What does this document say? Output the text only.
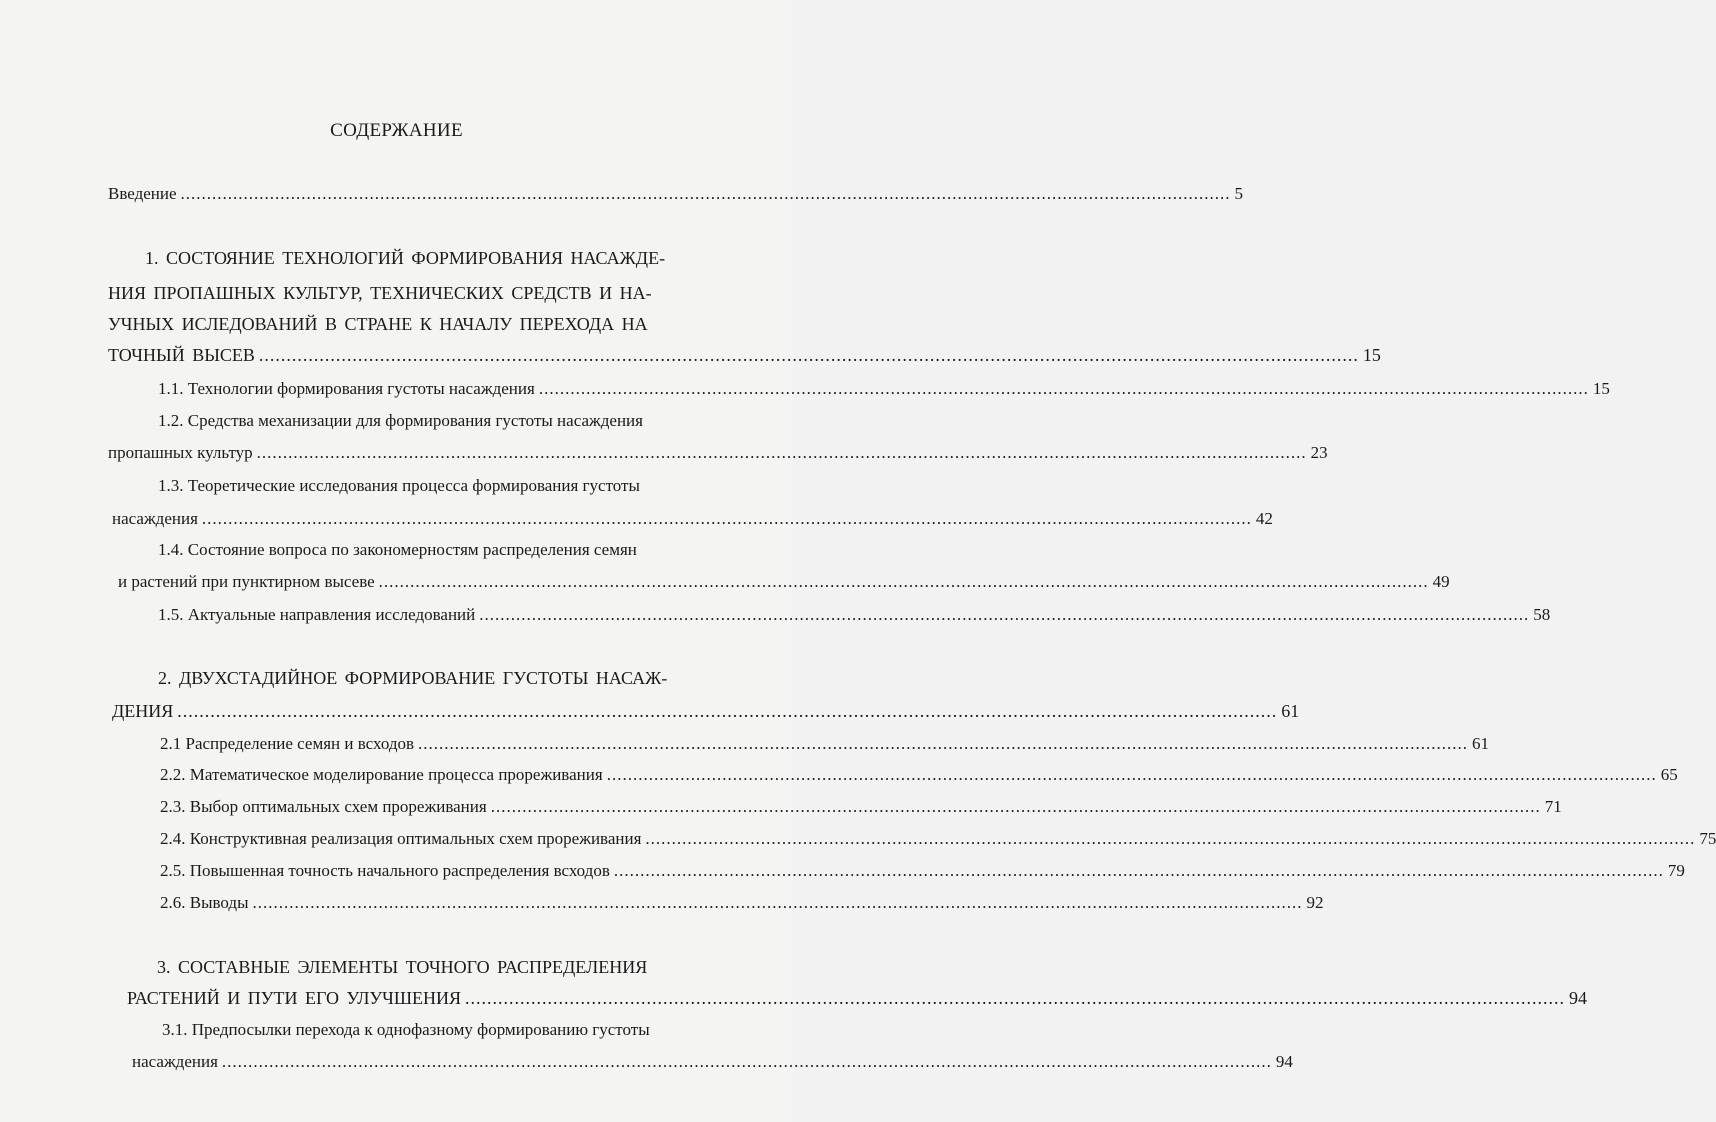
СОДЕРЖАНИЕ
Введение ........................................................................................................................................................................................................ 5
1. СОСТОЯНИЕ ТЕХНОЛОГИЙ ФОРМИРОВАНИЯ НАСАЖДЕ-
НИЯ ПРОПАШНЫХ КУЛЬТУР, ТЕХНИЧЕСКИХ СРЕДСТВ И НА-
УЧНЫХ ИСЛЕДОВАНИЙ В СТРАНЕ К НАЧАЛУ ПЕРЕХОДА НА
ТОЧНЫЙ ВЫСЕВ ........................................................................................................................................................................................................ 15
1.1. Технологии формирования густоты насаждения ........................................................................................................................................................................................................ 15
1.2. Средства механизации для формирования густоты насаждения
пропашных культур ........................................................................................................................................................................................................ 23
1.3. Теоретические исследования процесса формирования густоты
насаждения ........................................................................................................................................................................................................ 42
1.4. Состояние вопроса по закономерностям распределения семян
и растений при пунктирном высеве ........................................................................................................................................................................................................ 49
1.5. Актуальные направления исследований ........................................................................................................................................................................................................ 58
2. ДВУХСТАДИЙНОЕ ФОРМИРОВАНИЕ ГУСТОТЫ НАСАЖ-
ДЕНИЯ ........................................................................................................................................................................................................ 61
2.1 Распределение семян и всходов ........................................................................................................................................................................................................ 61
2.2. Математическое моделирование процесса прореживания ........................................................................................................................................................................................................ 65
2.3. Выбор оптимальных схем прореживания ........................................................................................................................................................................................................ 71
2.4. Конструктивная реализация оптимальных схем прореживания ........................................................................................................................................................................................................ 75
2.5. Повышенная точность начального распределения всходов ........................................................................................................................................................................................................ 79
2.6. Выводы ........................................................................................................................................................................................................ 92
3. СОСТАВНЫЕ ЭЛЕМЕНТЫ ТОЧНОГО РАСПРЕДЕЛЕНИЯ
РАСТЕНИЙ И ПУТИ ЕГО УЛУЧШЕНИЯ ........................................................................................................................................................................................................ 94
3.1. Предпосылки перехода к однофазному формированию густоты
насаждения ........................................................................................................................................................................................................ 94
